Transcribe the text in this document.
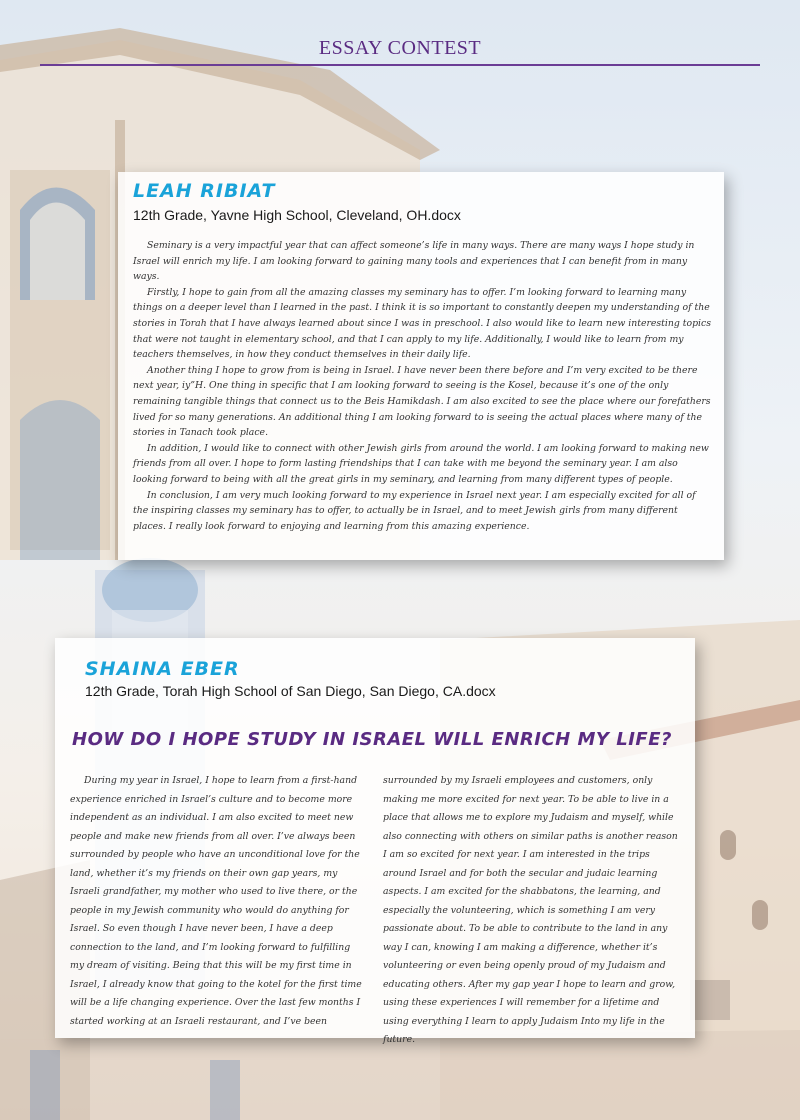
ESSAY CONTEST
LEAH RIBIAT
12th Grade, Yavne High School, Cleveland, OH.docx

Seminary is a very impactful year that can affect someone’s life in many ways. There are many ways I hope study in Israel will enrich my life. I am looking forward to gaining many tools and experiences that I can benefit from in many ways.

Firstly, I hope to gain from all the amazing classes my seminary has to offer. I’m looking forward to learning many things on a deeper level than I learned in the past. I think it is so important to constantly deepen my understanding of the stories in Torah that I have always learned about since I was in preschool. I also would like to learn new interesting topics that were not taught in elementary school, and that I can apply to my life. Additionally, I would like to learn from my teachers themselves, in how they conduct themselves in their daily life.

Another thing I hope to grow from is being in Israel. I have never been there before and I’m very excited to be there next year, iy”H. One thing in specific that I am looking forward to seeing is the Kosel, because it’s one of the only remaining tangible things that connect us to the Beis Hamikdash. I am also excited to see the place where our forefathers lived for so many generations. An additional thing I am looking forward to is seeing the actual places where many of the stories in Tanach took place.

In addition, I would like to connect with other Jewish girls from around the world. I am looking forward to making new friends from all over. I hope to form lasting friendships that I can take with me beyond the seminary year. I am also looking forward to being with all the great girls in my seminary, and learning from many different types of people.

In conclusion, I am very much looking forward to my experience in Israel next year. I am especially excited for all of the inspiring classes my seminary has to offer, to actually be in Israel, and to meet Jewish girls from many different places. I really look forward to enjoying and learning from this amazing experience.

SHAINA EBER
12th Grade, Torah High School of San Diego, San Diego, CA.docx
HOW DO I HOPE STUDY IN ISRAEL WILL ENRICH MY LIFE?

During my year in Israel, I hope to learn from a first-hand experience enriched in Israel’s culture and to become more independent as an individual. I am also excited to meet new people and make new friends from all over. I’ve always been surrounded by people who have an unconditional love for the land, whether it’s my friends on their own gap years, my Israeli grandfather, my mother who used to live there, or the people in my Jewish community who would do anything for Israel. So even though I have never been, I have a deep connection to the land, and I’m looking forward to fulfilling my dream of visiting. Being that this will be my first time in Israel, I already know that going to the kotel for the first time will be a life changing experience. Over the last few months I started working at an Israeli restaurant, and I’ve been

surrounded by my Israeli employees and customers, only making me more excited for next year. To be able to live in a place that allows me to explore my Judaism and myself, while also connecting with others on similar paths is another reason I am so excited for next year. I am interested in the trips around Israel and for both the secular and judaic learning aspects. I am excited for the shabbatons, the learning, and especially the volunteering, which is something I am very passionate about. To be able to contribute to the land in any way I can, knowing I am making a difference, whether it’s volunteering or even being openly proud of my Judaism and educating others. After my gap year I hope to learn and grow, using these experiences I will remember for a lifetime and using everything I learn to apply Judaism Into my life in the future.
